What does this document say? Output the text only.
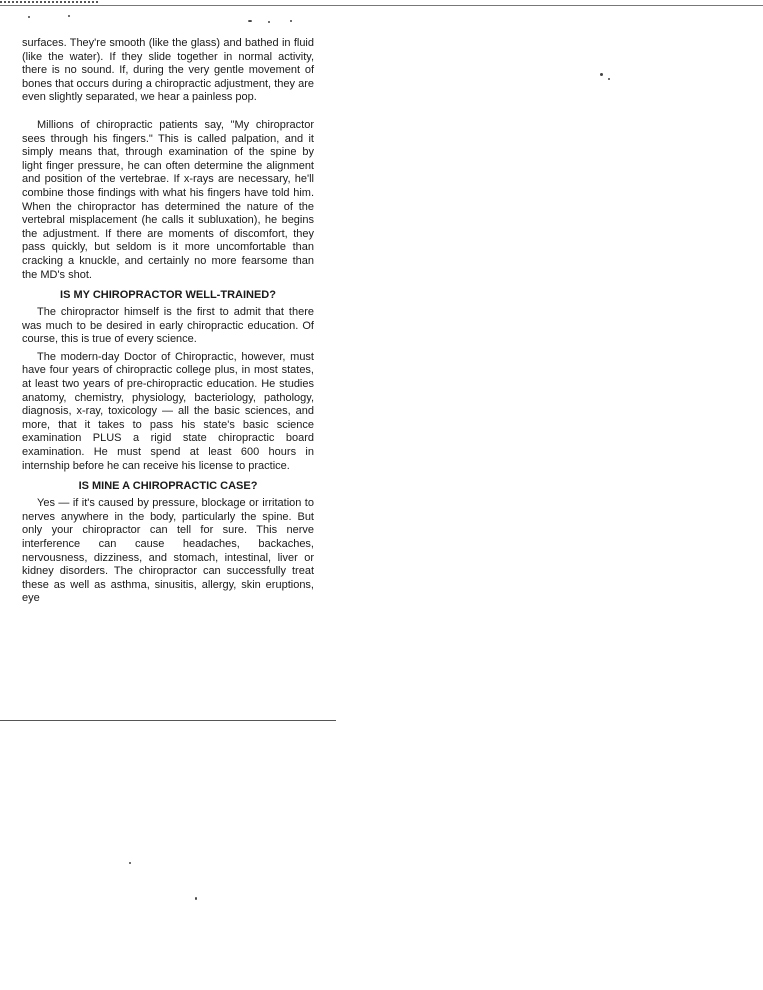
surfaces. They're smooth (like the glass) and bathed in fluid (like the water). If they slide together in normal activity, there is no sound. If, during the very gentle movement of bones that occurs during a chiropractic adjustment, they are even slightly separated, we hear a painless pop.

Millions of chiropractic patients say, "My chiropractor sees through his fingers." This is called palpation, and it simply means that, through examination of the spine by light finger pressure, he can often determine the alignment and position of the vertebrae. If x-rays are necessary, he'll combine those findings with what his fingers have told him. When the chiropractor has determined the nature of the vertebral misplacement (he calls it subluxation), he begins the adjustment. If there are moments of discomfort, they pass quickly, but seldom is it more uncomfortable than cracking a knuckle, and certainly no more fearsome than the MD's shot.

IS MY CHIROPRACTOR WELL-TRAINED?

The chiropractor himself is the first to admit that there was much to be desired in early chiropractic education. Of course, this is true of every science.

The modern-day Doctor of Chiropractic, however, must have four years of chiropractic college plus, in most states, at least two years of pre-chiropractic education. He studies anatomy, chemistry, physiology, bacteriology, pathology, diagnosis, x-ray, toxicology — all the basic sciences, and more, that it takes to pass his state's basic science examination PLUS a rigid state chiropractic board examination. He must spend at least 600 hours in internship before he can receive his license to practice.

IS MINE A CHIROPRACTIC CASE?

Yes — if it's caused by pressure, blockage or irritation to nerves anywhere in the body, particularly the spine. But only your chiropractor can tell for sure. This nerve interference can cause headaches, backaches, nervousness, dizziness, and stomach, intestinal, liver or kidney disorders. The chiropractor can successfully treat these as well as asthma, sinusitis, allergy, skin eruptions, eye
